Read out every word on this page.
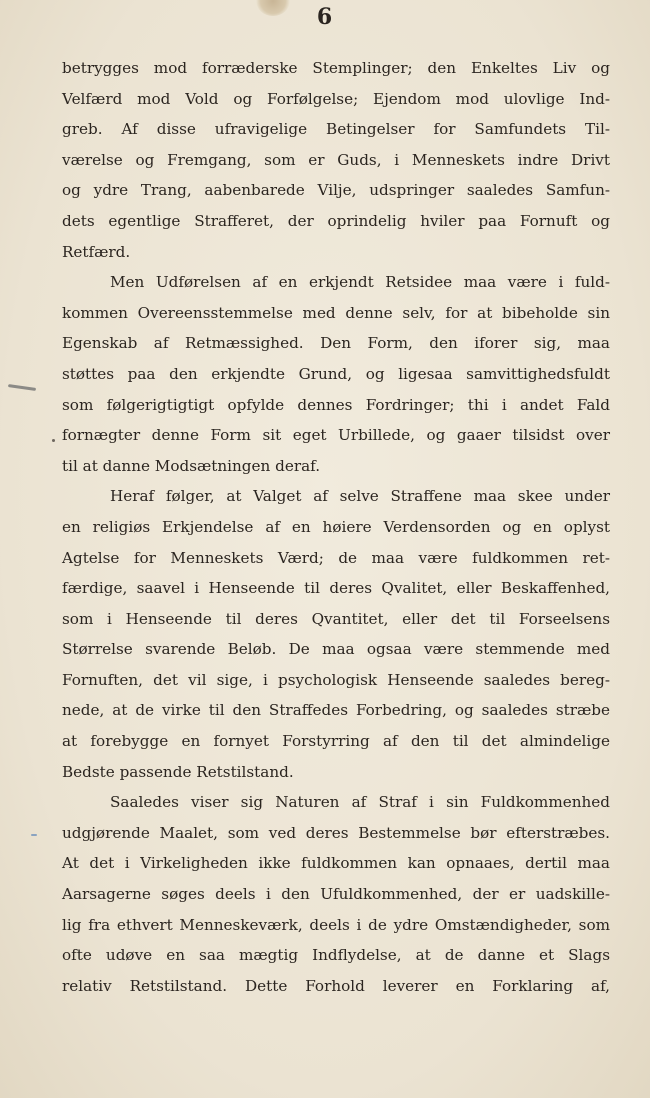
6
betrygges mod forræderske Stemplinger; den Enkeltes Liv og
Velfærd mod Vold og Forfølgelse; Ejendom mod ulovlige Ind-
greb. Af disse ufravigelige Betingelser for Samfundets Til-
værelse og Fremgang, som er Guds, i Menneskets indre Drivt
og ydre Trang, aabenbarede Vilje, udspringer saaledes Samfun-
dets egentlige Strafferet, der oprindelig hviler paa Fornuft og
Retfærd.
Men Udførelsen af en erkjendt Retsidee maa være i fuld-
kommen Overeensstemmelse med denne selv, for at bibeholde sin
Egenskab af Retmæssighed. Den Form, den iforer sig, maa
støttes paa den erkjendte Grund, og ligesaa samvittighedsfuldt
som følgerigtigtigt opfylde dennes Fordringer; thi i andet Fald
fornægter denne Form sit eget Urbillede, og gaaer tilsidst over
til at danne Modsætningen deraf.
Heraf følger, at Valget af selve Straffene maa skee under
en religiøs Erkjendelse af en høiere Verdensorden og en oplyst
Agtelse for Menneskets Værd; de maa være fuldkommen ret-
færdige, saavel i Henseende til deres Qvalitet, eller Beskaffenhed,
som i Henseende til deres Qvantitet, eller det til Forseelsens
Størrelse svarende Beløb. De maa ogsaa være stemmende med
Fornuften, det vil sige, i psychologisk Henseende saaledes bereg-
nede, at de virke til den Straffedes Forbedring, og saaledes stræbe
at forebygge en fornyet Forstyrring af den til det almindelige
Bedste passende Retstilstand.
Saaledes viser sig Naturen af Straf i sin Fuldkommenhed
udgjørende Maalet, som ved deres Bestemmelse bør efterstræbes.
At det i Virkeligheden ikke fuldkommen kan opnaaes, dertil maa
Aarsagerne søges deels i den Ufuldkommenhed, der er uadskille-
lig fra ethvert Menneskeværk, deels i de ydre Omstændigheder, som
ofte udøve en saa mægtig Indflydelse, at de danne et Slags
relativ Retstilstand. Dette Forhold leverer en Forklaring af,
